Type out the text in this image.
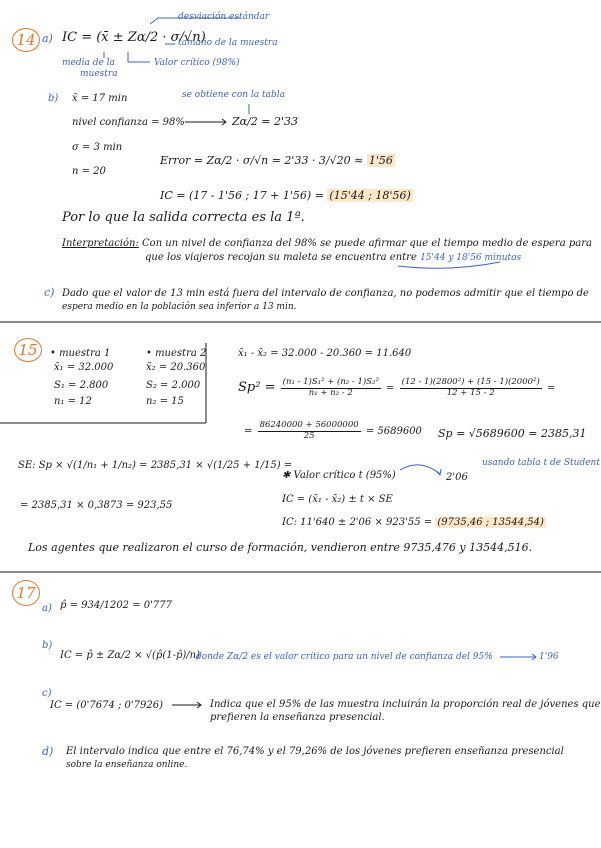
14 a) IC = (x̄ ± Zα/2 · σ/√n)
desviación estándar
tamaño de la muestra
media de la
muestra
Valor crítico (98%)
b) x̄ = 17 min	se obtiene con la tabla
nivel confianza = 98%	Zα/2 = 2'33
σ = 3 min
n = 20
Error = Zα/2 · σ/√n = 2'33 · 3/√20 ≈ 1'56
IC = (17 - 1'56 ; 17 + 1'56) = (15'44 ; 18'56)
Por lo que la salida correcta es la 1ª.
Interpretación: Con un nivel de confianza del 98% se puede afirmar que el tiempo medio de espera para
que los viajeros recojan su maleta se encuentra entre 15'44 y 18'56 minutos
c) Dado que el valor de 13 min está fuera del intervalo de confianza, no podemos admitir que el tiempo de
espera medio en la población sea inferior a 13 min.
15	• muestra 1
x̄₁ = 32.000
S₁ = 2.800
n₁ = 12
• muestra 2
x̄₂ = 20.360
S₂ = 2.000
n₂ = 15
x̄₁ - x̄₂ = 32.000 - 20.360 = 11.640
$Sp^2 = \frac{\text{(n₁ - 1)S₁² + (n₂ - 1)S₂²}}{\text{n₁ + n₂ - 2}} = \frac{\text{(12 - 1)(2800²) + (15 - 1)(2000²)}}{12 + 15 - 2}$ =
= $\frac{86240000 + 56000000}{25} = 5689600$ Sp = √5689600 = 2385,31
SE: Sp × √(1/n₁ + 1/n₂) = 2385,31 × √(1/25 + 1/15) =
= 2385,31 × 0,3873 = 923,55
✱ Valor crítico t (95%)	2'06
usando tabla t de Student
IC = (x̄₁ - x̄₂) ± t × SE
IC: 11'640 ± 2'06 × 923'55 = (9735,46 ; 13544,54)
Los agentes que realizaron el curso de formación, vendieron entre 9735,476 y 13544,516.
17
a) p̂ = 934/1202 = 0'777
b)
IC = p̂ ± Zα/2 × √(p̂(1-p̂)/n)
donde Zα/2 es el valor crítico para un nivel de confianza del 95%	1'96
c)
IC = (0'7674 ; 0'7926)	Indica que el 95% de las muestra incluirán la proporción real de jóvenes que
prefieren la enseñanza presencial.
d) El intervalo indica que entre el 76,74% y el 79,26% de los jóvenes prefieren enseñanza presencial
sobre la enseñanza online.
